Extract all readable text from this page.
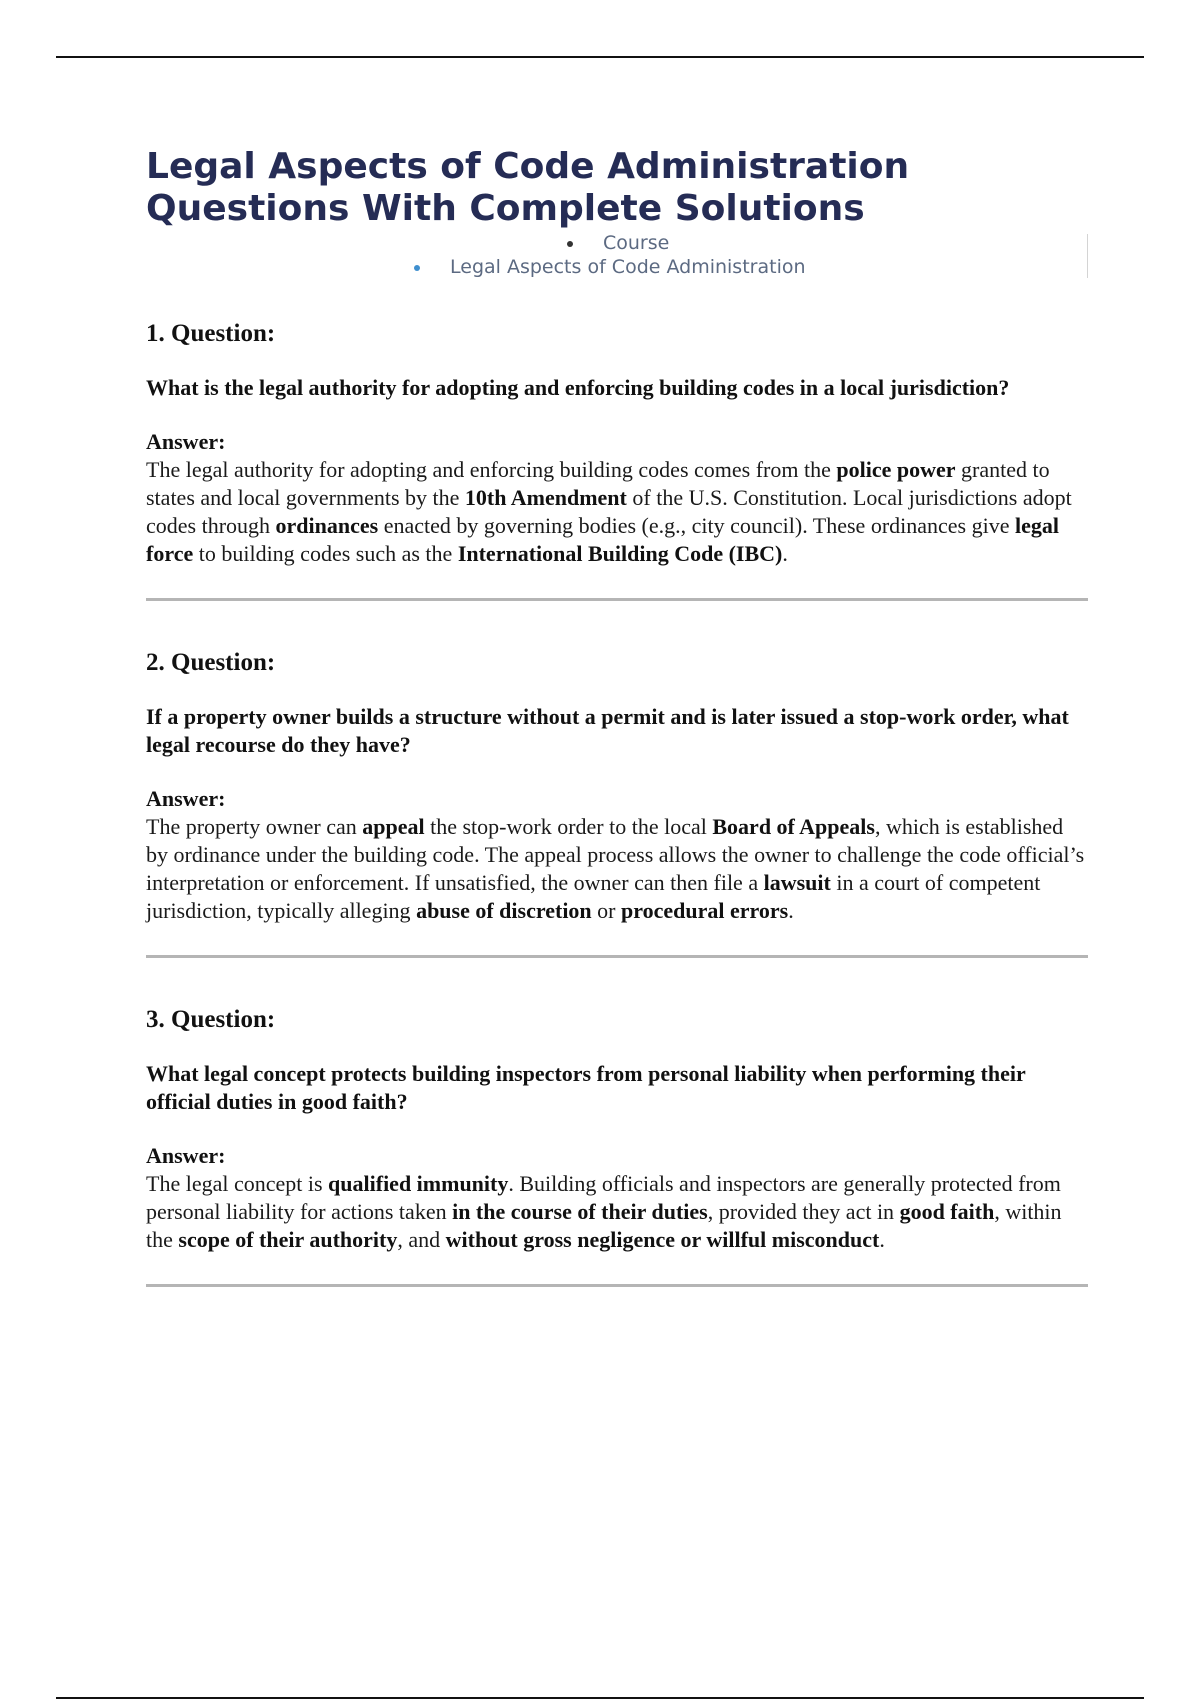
Legal Aspects of Code Administration
Questions With Complete Solutions
Course
Legal Aspects of Code Administration
1. Question:
What is the legal authority for adopting and enforcing building codes in a local jurisdiction?
Answer:

The legal authority for adopting and enforcing building codes comes from the police power granted to states and local governments by the 10th Amendment of the U.S. Constitution. Local jurisdictions adopt codes through ordinances enacted by governing bodies (e.g., city council). These ordinances give legal force to building codes such as the International Building Code (IBC).

2. Question:
If a property owner builds a structure without a permit and is later issued a stop-work order, what legal recourse do they have?
Answer:

The property owner can appeal the stop-work order to the local Board of Appeals, which is established by ordinance under the building code. The appeal process allows the owner to challenge the code official’s interpretation or enforcement. If unsatisfied, the owner can then file a lawsuit in a court of competent jurisdiction, typically alleging abuse of discretion or procedural errors.

3. Question:
What legal concept protects building inspectors from personal liability when performing their official duties in good faith?
Answer:

The legal concept is qualified immunity. Building officials and inspectors are generally protected from personal liability for actions taken in the course of their duties, provided they act in good faith, within the scope of their authority, and without gross negligence or willful misconduct.
